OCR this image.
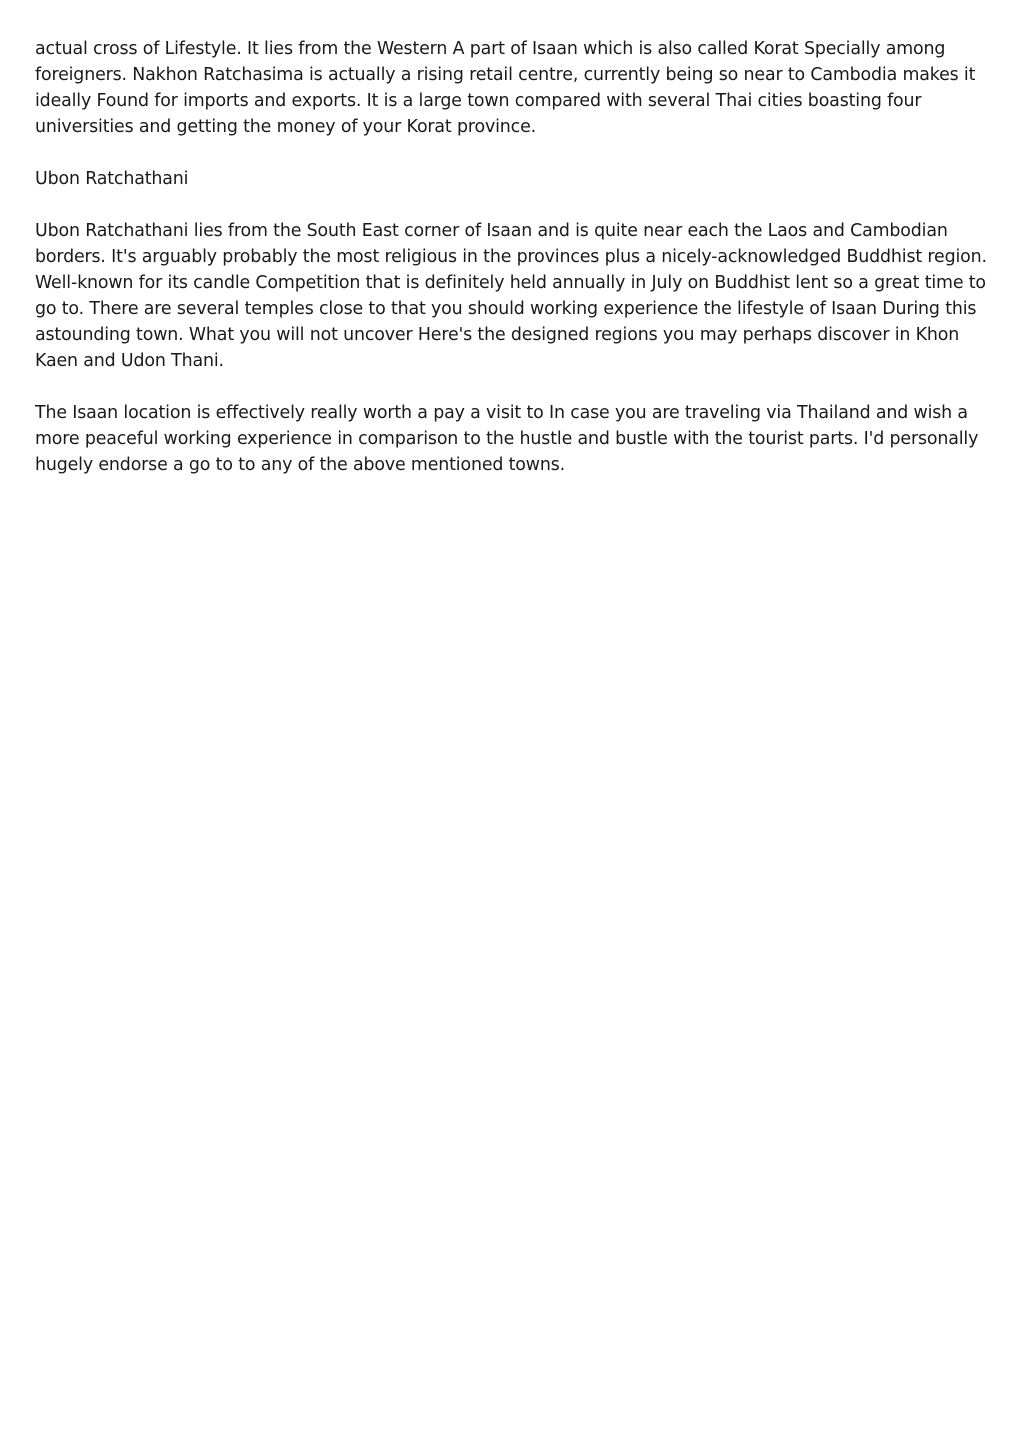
actual cross of Lifestyle. It lies from the Western A part of Isaan which is also called Korat Specially among foreigners. Nakhon Ratchasima is actually a rising retail centre, currently being so near to Cambodia makes it ideally Found for imports and exports. It is a large town compared with several Thai cities boasting four universities and getting the money of your Korat province.

Ubon Ratchathani

Ubon Ratchathani lies from the South East corner of Isaan and is quite near each the Laos and Cambodian borders. It's arguably probably the most religious in the provinces plus a nicely-acknowledged Buddhist region. Well-known for its candle Competition that is definitely held annually in July on Buddhist lent so a great time to go to. There are several temples close to that you should working experience the lifestyle of Isaan During this astounding town. What you will not uncover Here's the designed regions you may perhaps discover in Khon Kaen and Udon Thani.

The Isaan location is effectively really worth a pay a visit to In case you are traveling via Thailand and wish a more peaceful working experience in comparison to the hustle and bustle with the tourist parts. I'd personally hugely endorse a go to to any of the above mentioned towns.
